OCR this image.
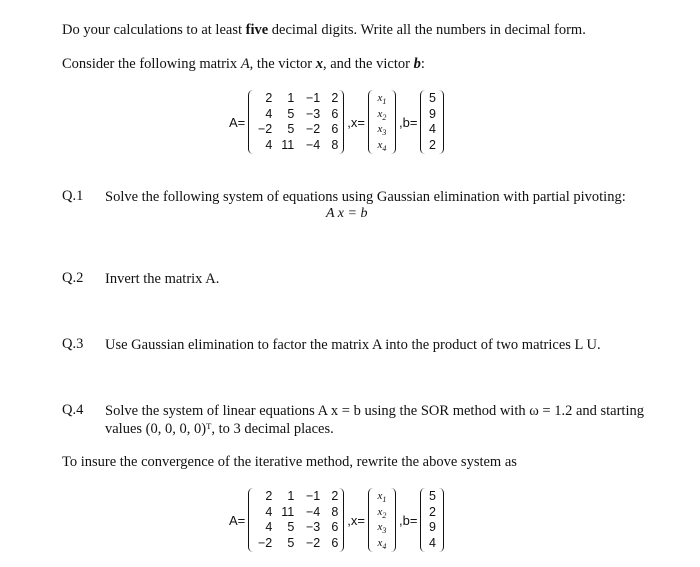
Do your calculations to at least five decimal digits. Write all the numbers in decimal form.
Consider the following matrix A, the victor x, and the victor b:
A=
2	1 −1 2
4	5 −3 6
−2	5 −2 6
4 11 −4 8
,x=
$x_1$
$x_2$
$x_3$
$x_4$
,b=
5
9
4
2
Q.1 Solve the following system of equations using Gaussian elimination with partial pivoting:
A x = b
Q.2 Invert the matrix A.
Q.3 Use Gaussian elimination to factor the matrix A into the product of two matrices L U.
Q.4 Solve the system of linear equations A x = b using the SOR method with ω = 1.2 and starting
values (0, 0, 0, 0)ᵀ, to 3 decimal places.
To insure the convergence of the iterative method, rewrite the above system as
A=
2	1 −1 2
4 11 −4 8
4	5 −3 6
−2	5 −2 6
,x=
$x_1$
$x_2$
$x_3$
$x_4$
,b=
5
2
9
4
